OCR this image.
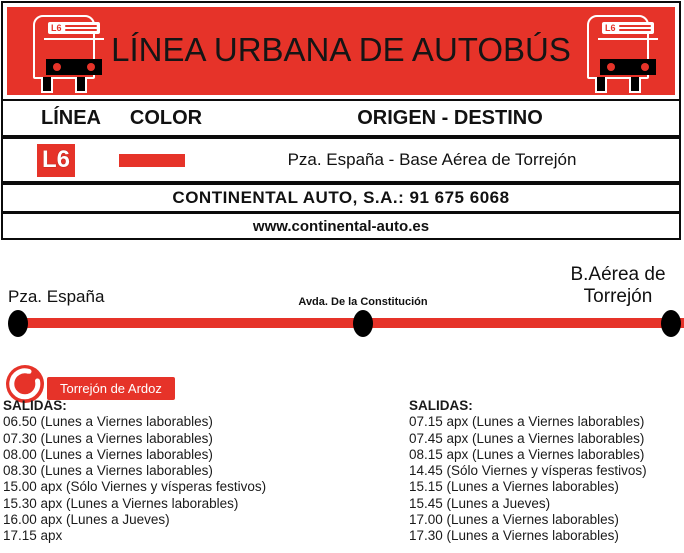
L6
LÍNEA URBANA DE AUTOBÚS
L6
LÍNEA	COLOR	ORIGEN - DESTINO
L6	Pza. España - Base Aérea de Torrejón
CONTINENTAL AUTO, S.A.: 91 675 6068
www.continental-auto.es
Pza. España	Avda. De la Constitución
B.Aérea de Torrejón
Torrejón de Ardoz
SALIDAS:
06.50 (Lunes a Viernes laborables)
07.30 (Lunes a Viernes laborables)
08.00 (Lunes a Viernes laborables)
08.30 (Lunes a Viernes laborables)
15.00 apx (Sólo Viernes y vísperas festivos)
15.30 apx (Lunes a Viernes laborables)
16.00 apx (Lunes a Jueves)
17.15 apx
SALIDAS:
07.15 apx (Lunes a Viernes laborables)
07.45 apx (Lunes a Viernes laborables)
08.15 apx (Lunes a Viernes laborables)
14.45 (Sólo Viernes y vísperas festivos)
15.15 (Lunes a Viernes laborables)
15.45 (Lunes a Jueves)
17.00 (Lunes a Viernes laborables)
17.30 (Lunes a Viernes laborables)
